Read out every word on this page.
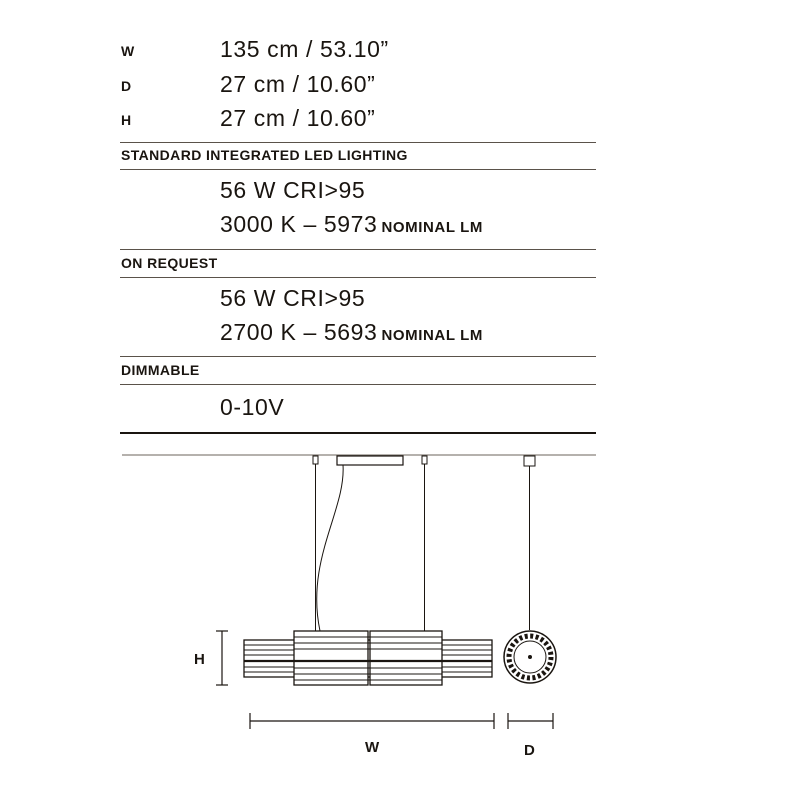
W	135 cm / 53.10”
D	27 cm / 10.60”
H	27 cm / 10.60”
STANDARD INTEGRATED LED LIGHTING
56 W CRI>95
3000 K – 5973 NOMINAL LM
ON REQUEST
56 W CRI>95
2700 K – 5693 NOMINAL LM
DIMMABLE
0-10V
H
W	D
